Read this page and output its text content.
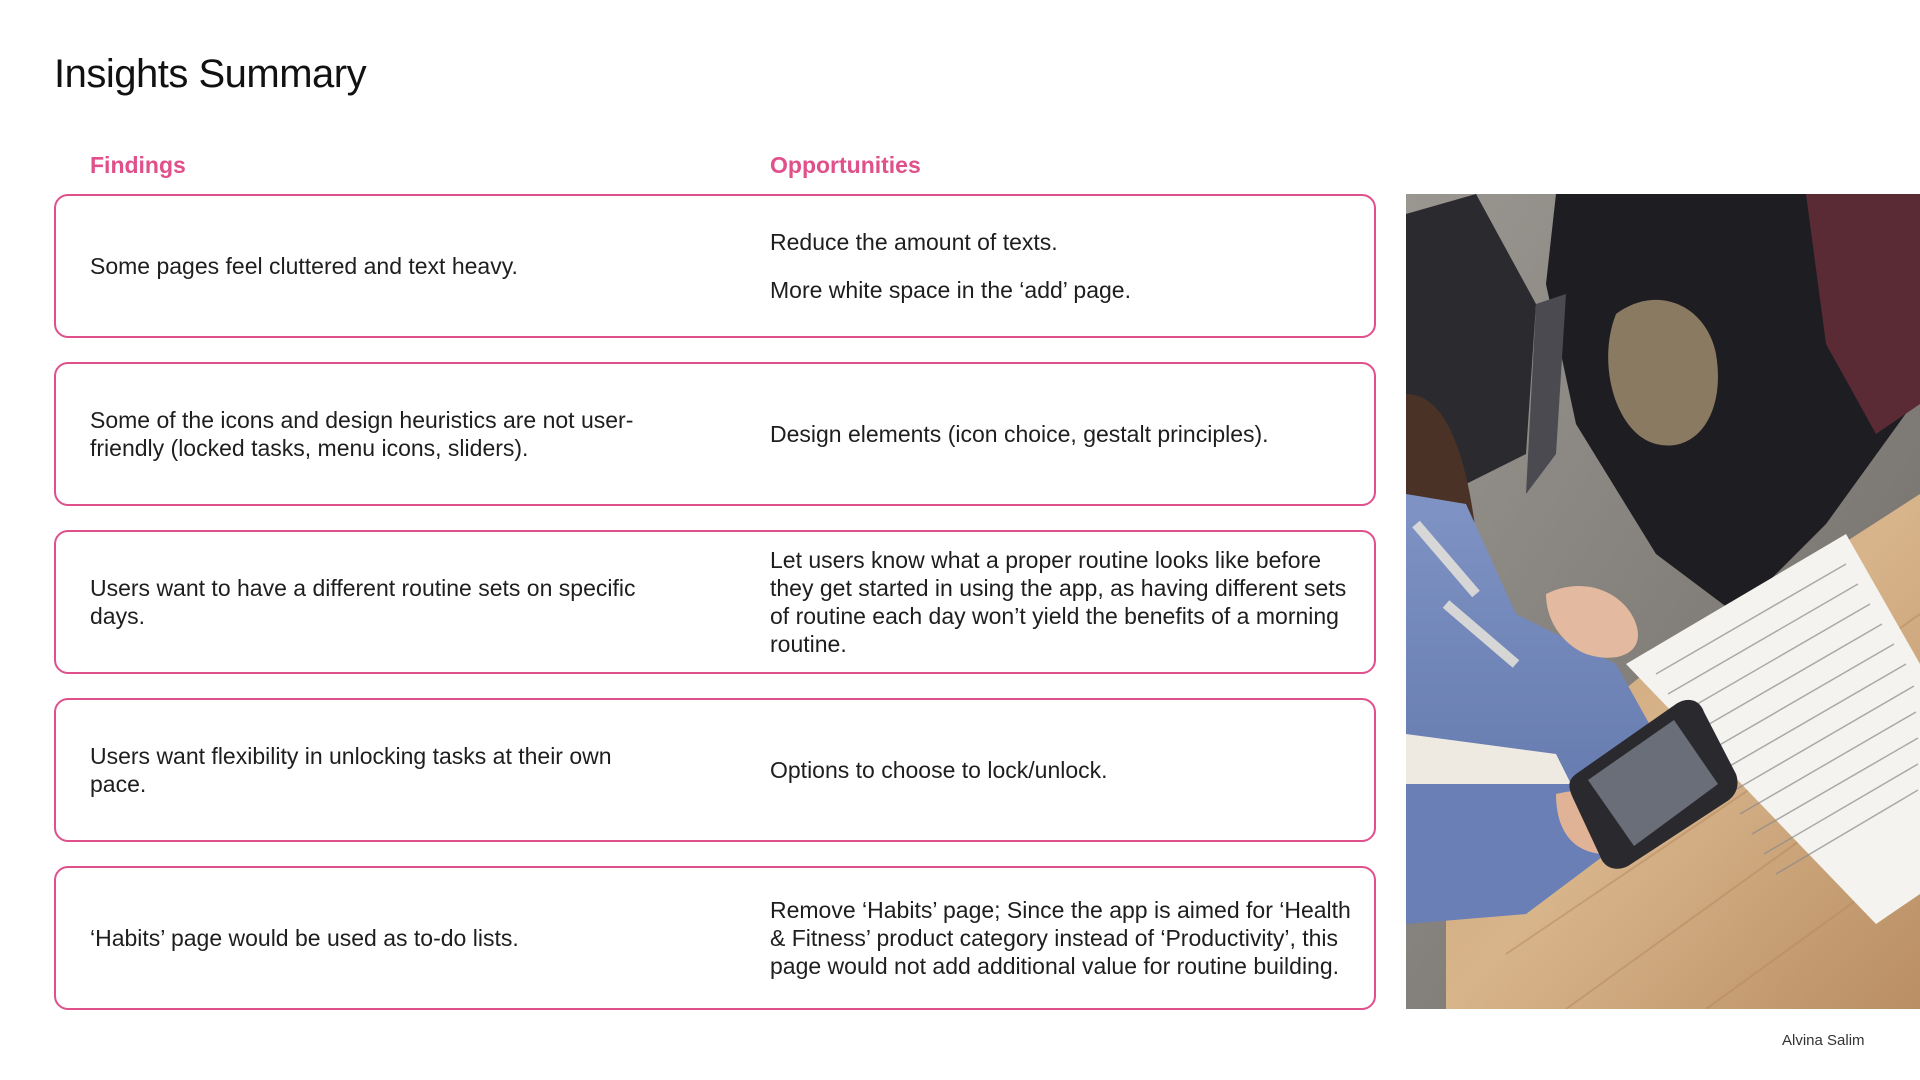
Insights Summary
Findings	Opportunities
Some pages feel cluttered and text heavy.

Reduce the amount of texts.

More white space in the ‘add’ page.

Some of the icons and design heuristics are not user-friendly (locked tasks, menu icons, sliders).

Design elements (icon choice, gestalt principles).

Users want to have a different routine sets on specific days.

Let users know what a proper routine looks like before they get started in using the app, as having different sets of routine each day won’t yield the benefits of a morning routine.

Users want flexibility in unlocking tasks at their own pace.

Options to choose to lock/unlock.

‘Habits’ page would be used as to-do lists.

Remove ‘Habits’ page; Since the app is aimed for ‘Health & Fitness’ product category instead of ‘Productivity’, this page would not add additional value for routine building.

Alvina Salim
